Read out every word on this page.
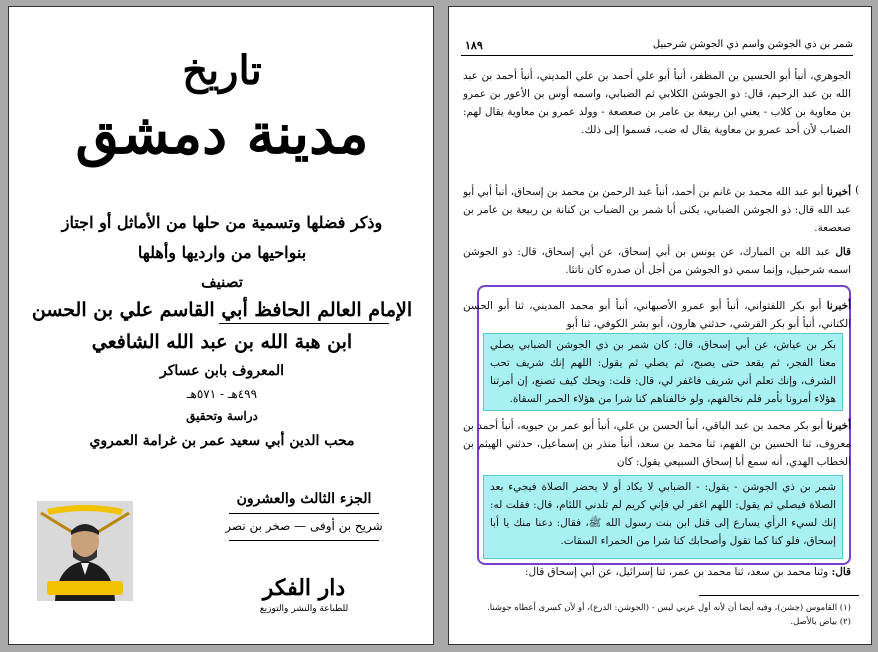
تاريخ
مدينة دمشق
وذكر فضلها وتسمية من حلها من الأماثل أو اجتاز
بنواحيها من وارديها وأهلها
تصنيف
الإمام العالم الحافظ أبي القاسم علي بن الحسن
ابن هبة الله بن عبد الله الشافعي
المعروف بابن عساكر
٤٩٩هـ - ٥٧١هـ
دراسة وتحقيق
محب الدين أبي سعيد عمر بن غرامة العمروي
الجزء الثالث والعشرون
شريح بن أوفى — صخر بن نصر
دار الفكر
للطباعة والنشر والتوزيع
شمر بن ذي الجوشن واسم ذي الجوشن شرحبيل
١٨٩

الجوهري، أنبأ أبو الحسين بن المظفر، أنبأ أبو علي أحمد بن علي المديني، أنبأ أحمد بن عبد الله بن عبد الرحيم، قال: ذو الجوشن الكلابي ثم الضبابي، واسمه أوس بن الأعور بن عمرو بن معاوية بن كلاب - يعني ابن ربيعة بن عامر بن صعصعة - وولد عمرو بن معاوية يقال لهم: الضباب لأن أحد عمرو بن معاوية يقال له ضب، فسموا إلى ذلك.

(

أخبرنا أبو عبد الله محمد بن غانم بن أحمد، أنبأ عبد الرحمن بن محمد بن إسحاق، أنبأ أبي أبو عبد الله قال: ذو الجوشن الضبابي، يكنى أبا شمر بن الضباب بن كنانة بن ربيعة بن عامر بن صعصعة.

قال عبد الله بن المبارك، عن يونس بن أبي إسحاق، عن أبي إسحاق، قال: ذو الجوشن اسمه شرحبيل، وإنما سمي ذو الجوشن من أجل أن صدره كان ناتئا.

أخبرنا أبو بكر اللفتواني، أنبأ أبو عمرو الأصبهاني، أنبأ أبو محمد المديني، ثنا أبو الحسن الكتاني، أنبأ أبو بكر القرشي، حدثني هارون، أبو بشر الكوفي، ثنا أبو

بكر بن عياش، عن أبي إسحاق، قال: كان شمر بن ذي الجوشن الضبابي يصلي معنا الفجر، ثم يقعد حتى يصبح، ثم يصلي ثم يقول: اللهم إنك شريف تحب الشرف، وإنك تعلم أني شريف فاغفر لي، قال: قلت: ويحك كيف تصنع، إن أمرتنا هؤلاء أمرونا بأمر فلم نخالفهم، ولو خالفناهم كنا شرا من هؤلاء الحمر السقاة.

أخبرنا أبو بكر محمد بن عبد الباقي، أنبأ الحسن بن علي، أنبأ أبو عمر بن حيويه، أنبأ أحمد بن معروف، ثنا الحسين بن الفهم، ثنا محمد بن سعد، أنبأ منذر بن إسماعيل، حدثني الهيثم بن الخطاب الهدي، أنه سمع أبا إسحاق السبيعي يقول: كان

شمر بن ذي الجوشن - يقول: - الضبابي لا يكاد أو لا يحضر الصلاة فيجيء بعد الصلاة فيصلي ثم يقول: اللهم اغفر لي فإني كريم لم تلدني اللئام، قال: فقلت له: إنك لسيء الرأي يسارع إلى قتل ابن بنت رسول الله ﷺ، فقال: دعنا منك يا أبا إسحاق، فلو كنا كما تقول وأصحابك كنا شرا من الحمراء السقات.

قال: وثنا محمد بن سعد، ثنا محمد بن عمر، ثنا إسرائيل، عن أبي إسحاق قال:

(١) القاموس (جشن)، وفيه أيضا أن لأنه أول عربي لبس - (الجوشن: الدرع)، أو لأن كسرى أعطاه جوشنا.
(٢) بياض بالأصل.
